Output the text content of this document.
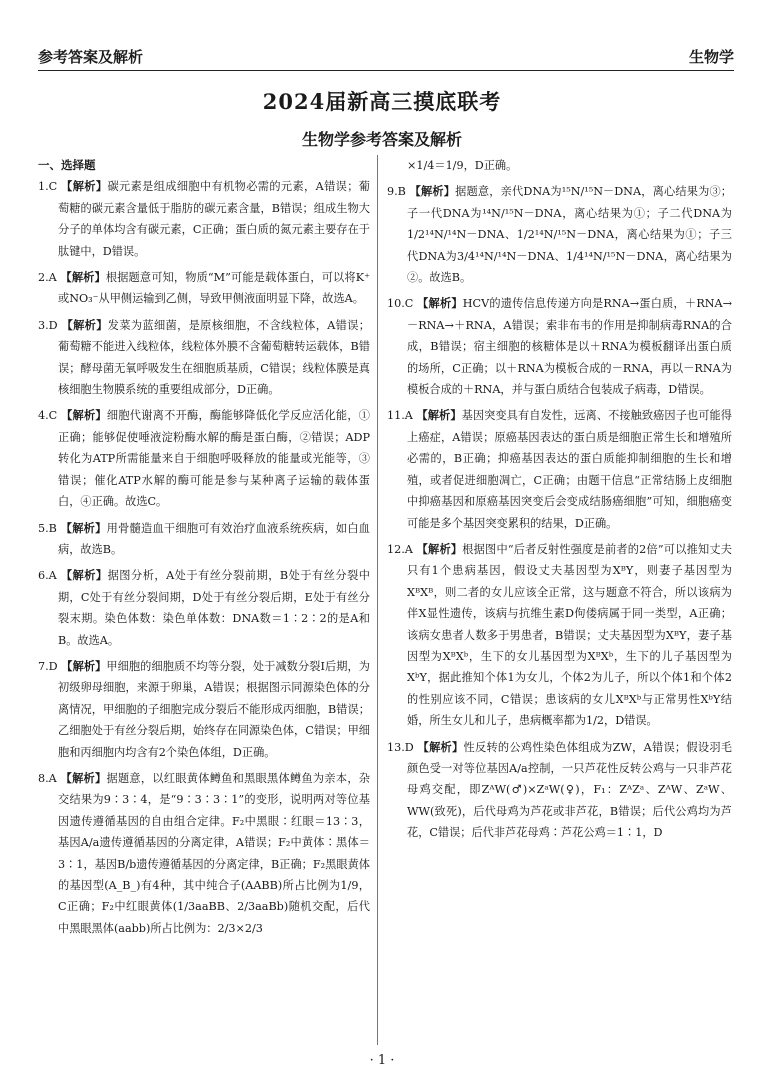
参考答案及解析	生物学
2024届新高三摸底联考
生物学参考答案及解析
一、选择题
1.C 【解析】碳元素是组成细胞中有机物必需的元素，A错误；葡萄糖的碳元素含量低于脂肪的碳元素含量，B错误；组成生物大分子的单体均含有碳元素，C正确；蛋白质的氮元素主要存在于肽键中，D错误。
2.A 【解析】根据题意可知，物质“M”可能是载体蛋白，可以将K⁺或NO₃⁻从甲侧运输到乙侧，导致甲侧液面明显下降，故选A。
3.D 【解析】发菜为蓝细菌，是原核细胞，不含线粒体，A错误；葡萄糖不能进入线粒体，线粒体外膜不含葡萄糖转运载体，B错误；酵母菌无氧呼吸发生在细胞质基质，C错误；线粒体膜是真核细胞生物膜系统的重要组成部分，D正确。
4.C 【解析】细胞代谢离不开酶，酶能够降低化学反应活化能，①正确；能够促使唾液淀粉酶水解的酶是蛋白酶，②错误；ADP转化为ATP所需能量来自于细胞呼吸释放的能量或光能等，③错误；催化ATP水解的酶可能是参与某种离子运输的载体蛋白，④正确。故选C。
5.B 【解析】用骨髓造血干细胞可有效治疗血液系统疾病，如白血病，故选B。
6.A 【解析】据图分析，A处于有丝分裂前期，B处于有丝分裂中期，C处于有丝分裂间期，D处于有丝分裂后期，E处于有丝分裂末期。染色体数：染色单体数：DNA数＝1∶2∶2的是A和B。故选A。
7.D 【解析】甲细胞的细胞质不均等分裂，处于减数分裂Ⅰ后期，为初级卵母细胞，来源于卵巢，A错误；根据图示同源染色体的分离情况，甲细胞的子细胞完成分裂后不能形成丙细胞，B错误；乙细胞处于有丝分裂后期，始终存在同源染色体，C错误；甲细胞和丙细胞内均含有2个染色体组，D正确。
8.A 【解析】据题意，以红眼黄体鳟鱼和黑眼黑体鳟鱼为亲本，杂交结果为9∶3∶4，是“9∶3∶3∶1”的变形，说明两对等位基因遗传遵循基因的自由组合定律。F₂中黑眼∶红眼＝13∶3，基因A/a遗传遵循基因的分离定律，A错误；F₂中黄体∶黑体＝3∶1，基因B/b遗传遵循基因的分离定律，B正确；F₂黑眼黄体的基因型(A_B_)有4种，其中纯合子(AABB)所占比例为1/9，C正确；F₂中红眼黄体(1/3aaBB、2/3aaBb)随机交配，后代中黑眼黑体(aabb)所占比例为：2/3×2/3
×1/4＝1/9，D正确。
9.B 【解析】据题意，亲代DNA为¹⁵N/¹⁵N－DNA，离心结果为③；子一代DNA为¹⁴N/¹⁵N－DNA，离心结果为①；子二代DNA为1/2¹⁴N/¹⁴N－DNA、1/2¹⁴N/¹⁵N－DNA，离心结果为①；子三代DNA为3/4¹⁴N/¹⁴N－DNA、1/4¹⁴N/¹⁵N－DNA，离心结果为②。故选B。
10.C 【解析】HCV的遗传信息传递方向是RNA→蛋白质，＋RNA→－RNA→＋RNA，A错误；索非布韦的作用是抑制病毒RNA的合成，B错误；宿主细胞的核糖体是以＋RNA为模板翻译出蛋白质的场所，C正确；以＋RNA为模板合成的－RNA，再以－RNA为模板合成的＋RNA，并与蛋白质结合包装成子病毒，D错误。
11.A 【解析】基因突变具有自发性，远离、不接触致癌因子也可能得上癌症，A错误；原癌基因表达的蛋白质是细胞正常生长和增殖所必需的，B正确；抑癌基因表达的蛋白质能抑制细胞的生长和增殖，或者促进细胞凋亡，C正确；由题干信息“正常结肠上皮细胞中抑癌基因和原癌基因突变后会变成结肠癌细胞”可知，细胞癌变可能是多个基因突变累积的结果，D正确。
12.A 【解析】根据图中“后者反射性强度是前者的2倍”可以推知丈夫只有1个患病基因，假设丈夫基因型为XᴮY，则妻子基因型为XᴮXᴮ，则二者的女儿应该全正常，这与题意不符合，所以该病为伴X显性遗传，该病与抗维生素D佝偻病属于同一类型，A正确；该病女患者人数多于男患者，B错误；丈夫基因型为XᴮY，妻子基因型为XᴮXᵇ，生下的女儿基因型为XᴮXᵇ，生下的儿子基因型为XᵇY，据此推知个体1为女儿，个体2为儿子，所以个体1和个体2的性别应该不同，C错误；患该病的女儿XᴮXᵇ与正常男性XᵇY结婚，所生女儿和儿子，患病概率都为1/2，D错误。
13.D 【解析】性反转的公鸡性染色体组成为ZW，A错误；假设羽毛颜色受一对等位基因A/a控制，一只芦花性反转公鸡与一只非芦花母鸡交配，即ZᴬW(♂)×ZᵃW(♀)，F₁：ZᴬZᵃ、ZᴬW、ZᵃW、WW(致死)，后代母鸡为芦花或非芦花，B错误；后代公鸡均为芦花，C错误；后代非芦花母鸡∶芦花公鸡＝1∶1，D
· 1 ·
